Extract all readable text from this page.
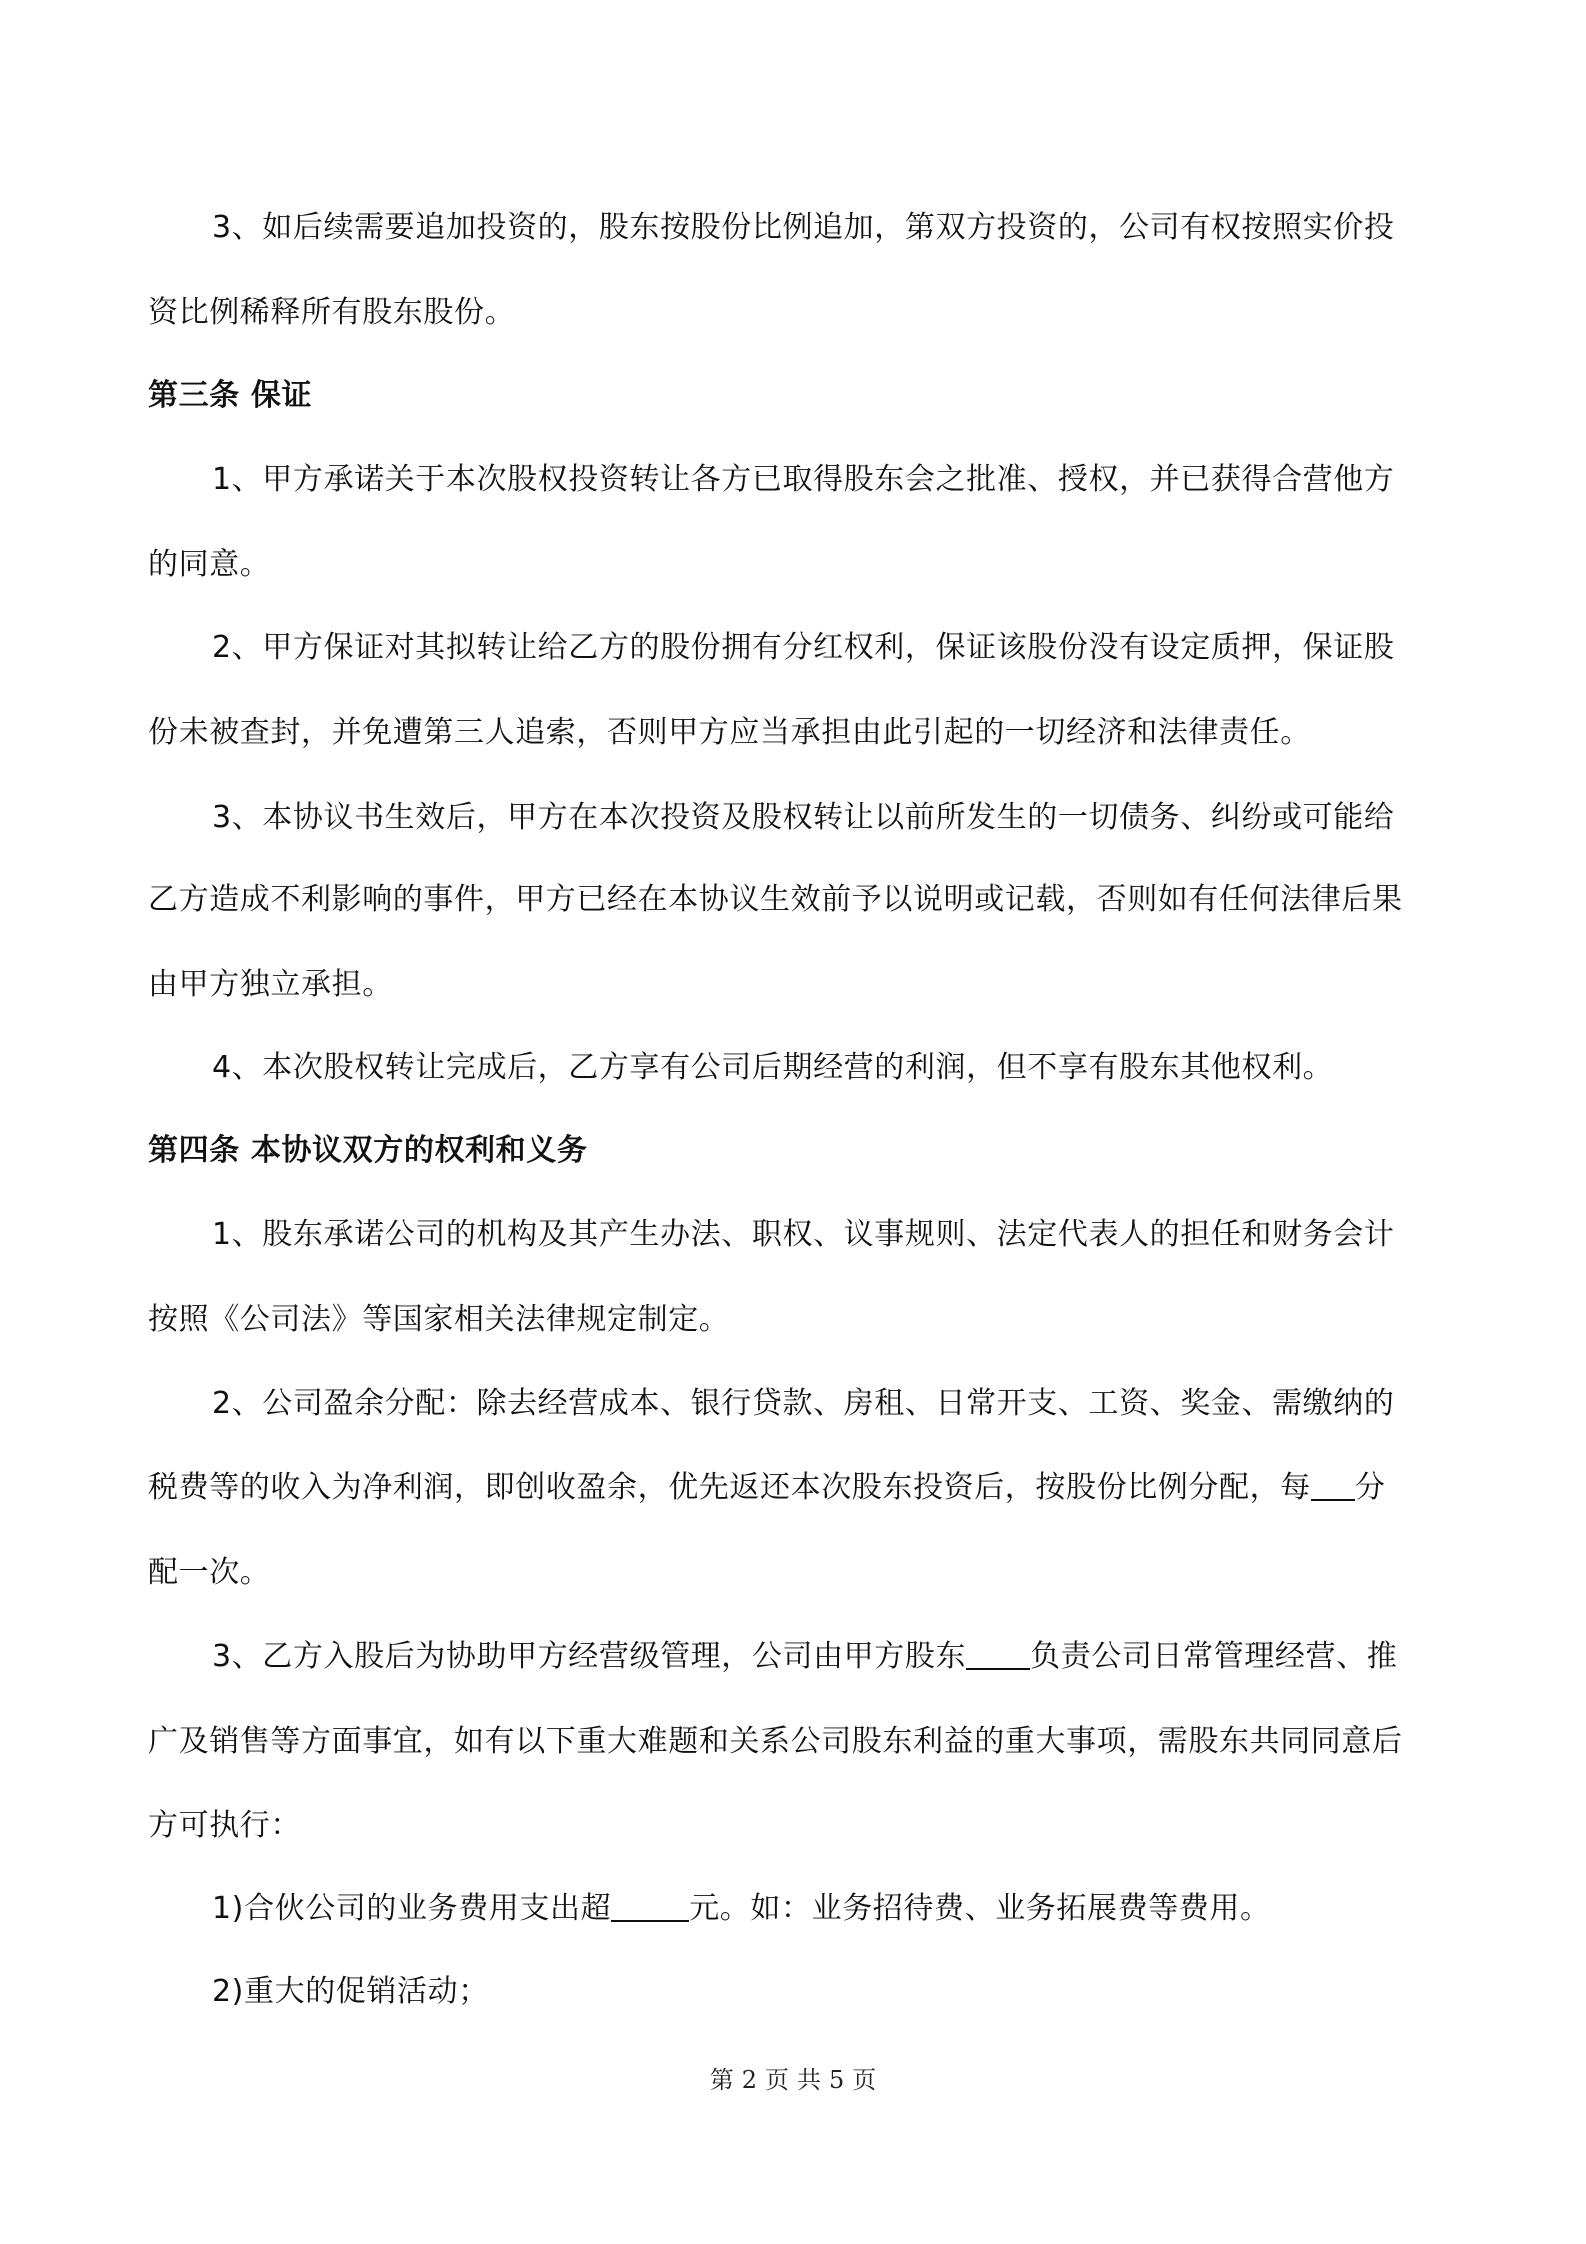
3、如后续需要追加投资的，股东按股份比例追加，第双方投资的，公司有权按照实价投
资比例稀释所有股东股份。
第三条 保证
1、甲方承诺关于本次股权投资转让各方已取得股东会之批准、授权，并已获得合营他方
的同意。
2、甲方保证对其拟转让给乙方的股份拥有分红权利，保证该股份没有设定质押，保证股
份未被查封，并免遭第三人追索，否则甲方应当承担由此引起的一切经济和法律责任。
3、本协议书生效后，甲方在本次投资及股权转让以前所发生的一切债务、纠纷或可能给
乙方造成不利影响的事件，甲方已经在本协议生效前予以说明或记载，否则如有任何法律后果
由甲方独立承担。
4、本次股权转让完成后，乙方享有公司后期经营的利润，但不享有股东其他权利。
第四条 本协议双方的权利和义务
1、股东承诺公司的机构及其产生办法、职权、议事规则、法定代表人的担任和财务会计
按照《公司法》等国家相关法律规定制定。
2、公司盈余分配：除去经营成本、银行贷款、房租、日常开支、工资、奖金、需缴纳的
税费等的收入为净利润，即创收盈余，优先返还本次股东投资后，按股份比例分配，每 分
配一次。
3、乙方入股后为协助甲方经营级管理，公司由甲方股东 负责公司日常管理经营、推
广及销售等方面事宜，如有以下重大难题和关系公司股东利益的重大事项，需股东共同同意后
方可执行：
1)合伙公司的业务费用支出超	元。如：业务招待费、业务拓展费等费用。
2)重大的促销活动；
第 2 页 共 5 页
